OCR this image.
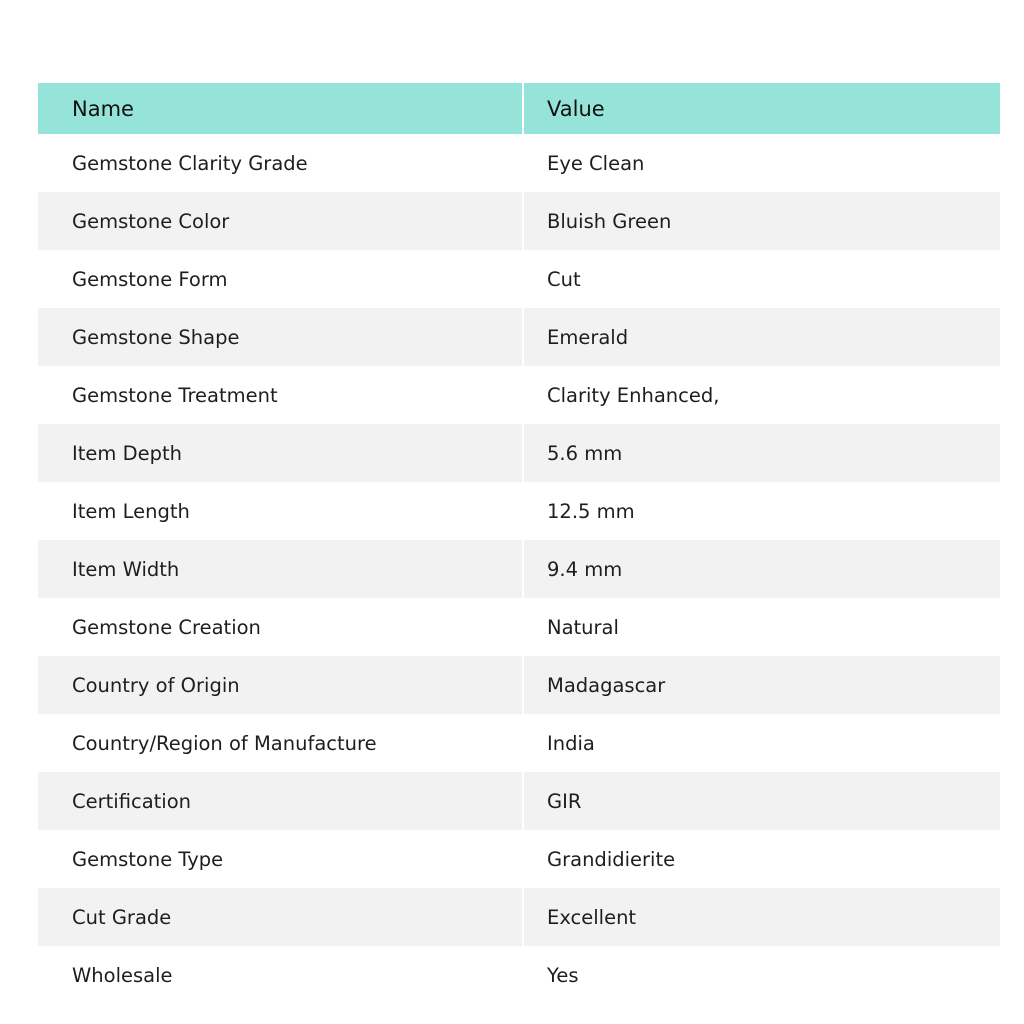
Name	Value
Gemstone Clarity Grade	Eye Clean
Gemstone Color	Bluish Green
Gemstone Form	Cut
Gemstone Shape	Emerald
Gemstone Treatment	Clarity Enhanced,
Item Depth	5.6 mm
Item Length	12.5 mm
Item Width	9.4 mm
Gemstone Creation	Natural
Country of Origin	Madagascar
Country/Region of Manufacture	India
Certification	GIR
Gemstone Type	Grandidierite
Cut Grade	Excellent
Wholesale	Yes
